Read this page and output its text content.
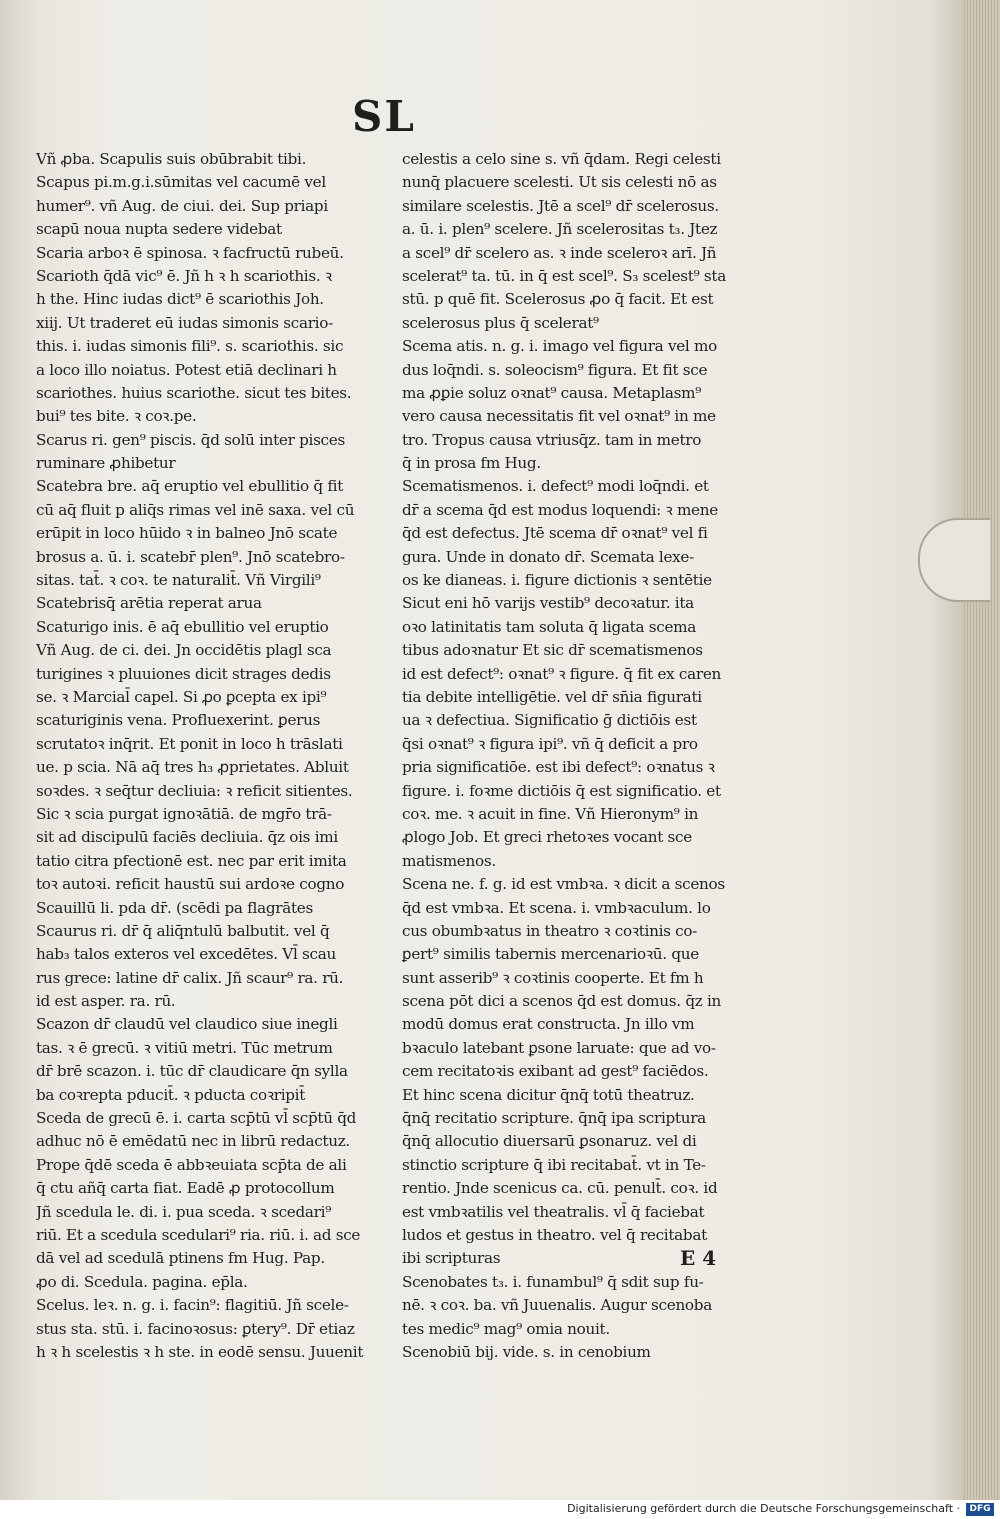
SL
Vñ ꝓba. Scapulis suis obūbrabit tibi.
Scapus pi.m.g.i.sūmitas vel cacumē vel
humer⁹. vñ Aug. de ciui. dei. Sup priapi
scapū noua nupta sedere videbat
Scaria arboꝛ ē spinosa. ꝛ facfructū rubeū.
Scarioth q̄dā vic⁹ ē. Jñ h ꝛ h scariothis. ꝛ
h the. Hinc iudas dict⁹ ē scariothis Joh.
xiij. Ut traderet eū iudas simonis scario-
this. i. iudas simonis fili⁹. s. scariothis. sic
a loco illo noiatus. Potest etiā declinari h
scariothes. huius scariothe. sicut tes bites.
bui⁹ tes bite. ꝛ coꝛ.pe.
Scarus ri. gen⁹ piscis. q̄d solū inter pisces
ruminare ꝓhibetur
Scatebra bre. aq̄ eruptio vel ebullitio q̄ fit
cū aq̄ fluit p aliq̄s rimas vel inē saxa. vel cū
erūpit in loco hūido ꝛ in balneo Jnō scate
brosus a. ū. i. scatebr̄ plen⁹. Jnō scatebro-
sitas. tat̄. ꝛ coꝛ. te naturalit̄. Vñ Virgili⁹
Scatebrisq̄ arētia reperat arua
Scaturigo inis. ē aq̄ ebullitio vel eruptio
Vñ Aug. de ci. dei. Jn occidētis plagl sca
turigines ꝛ pluuiones dicit strages dedis
se. ꝛ Marcial̄ capel. Si ꝓo ꝑcepta ex ipi⁹
scaturiginis vena. Profluexerint. ꝑerus
scrutatoꝛ inq̄rit. Et ponit in loco h trāslati
ue. p scia. Nā aq̄ tres h₃ ꝓprietates. Abluit
soꝛdes. ꝛ seq̄tur decliuia: ꝛ reficit sitientes.
Sic ꝛ scia purgat ignoꝛātiā. de mgr̄o trā-
sit ad discipulū faciēs decliuia. q̄z ois imi
tatio citra pfectionē est. nec par erit imita
toꝛ autoꝛi. reficit haustū sui ardoꝛe cogno
Scauillū li. pda dr̄. (scēdi pa flagrātes
Scaurus ri. dr̄ q̄ aliq̄ntulū balbutit. vel q̄
hab₃ talos exteros vel excedētes. Vl̄ scau
rus grece: latine dr̄ calix. Jñ scaur⁹ ra. rū.
id est asper. ra. rū.
Scazon dr̄ claudū vel claudico siue inegli
tas. ꝛ ē grecū. ꝛ vitiū metri. Tūc metrum
dr̄ brē scazon. i. tūc dr̄ claudicare q̄n sylla
ba coꝛrepta pducit̄. ꝛ pducta coꝛripit̄
Sceda de grecū ē. i. carta scp̄tū vl̄ scp̄tū q̄d
adhuc nō ē emēdatū nec in librū redactuz.
Prope q̄dē sceda ē abbꝛeuiata scp̄ta de ali
q̄ ctu añq̄ carta fiat. Eadē ꝓ protocollum
Jñ scedula le. di. i. pua sceda. ꝛ scedari⁹
riū. Et a scedula scedulari⁹ ria. riū. i. ad sce
dā vel ad scedulā ptinens fm Hug. Pap.
ꝓo di. Scedula. pagina. ep̄la.
Scelus. leꝛ. n. g. i. facin⁹: flagitiū. Jñ scele-
stus sta. stū. i. facinoꝛosus: ꝑtery⁹. Dr̄ etiaz
h ꝛ h scelestis ꝛ h ste. in eodē sensu. Juuenit
celestis a celo sine s. vñ q̄dam. Regi celesti
nunq̄ placuere scelesti. Ut sis celesti nō as
similare scelestis. Jtē a scel⁹ dr̄ scelerosus.
a. ū. i. plen⁹ scelere. Jñ scelerositas t₃. Jtez
a scel⁹ dr̄ scelero as. ꝛ inde sceleroꝛ arī. Jñ
scelerat⁹ ta. tū. in q̄ est scel⁹. S₃ scelest⁹ sta
stū. p quē fit. Scelerosus ꝓo q̄ facit. Et est
scelerosus plus q̄ scelerat⁹
Scema atis. n. g. i. imago vel figura vel mo
dus loq̄ndi. s. soleocism⁹ figura. Et fit sce
ma ꝓꝑie soluz oꝛnat⁹ causa. Metaplasm⁹
vero causa necessitatis fit vel oꝛnat⁹ in me
tro. Tropus causa vtriusq̄z. tam in metro
q̄ in prosa fm Hug.
Scematismenos. i. defect⁹ modi loq̄ndi. et
dr̄ a scema q̄d est modus loquendi: ꝛ mene
q̄d est defectus. Jtē scema dr̄ oꝛnat⁹ vel fi
gura. Unde in donato dr̄. Scemata lexe-
os ke dianeas. i. figure dictionis ꝛ sentētie
Sicut eni hō varijs vestib⁹ decoꝛatur. ita
oꝛo latinitatis tam soluta q̄ ligata scema
tibus adoꝛnatur Et sic dr̄ scematismenos
id est defect⁹: oꝛnat⁹ ꝛ figure. q̄ fit ex caren
tia debite intelligētie. vel dr̄ sn̄ia figurati
ua ꝛ defectiua. Significatio ḡ dictiōis est
q̄si oꝛnat⁹ ꝛ figura ipi⁹. vñ q̄ deficit a pro
pria significatiōe. est ibi defect⁹: oꝛnatus ꝛ
figure. i. foꝛme dictiōis q̄ est significatio. et
coꝛ. me. ꝛ acuit in fine. Vñ Hieronym⁹ in
ꝓlogo Job. Et greci rhetoꝛes vocant sce
matismenos.
Scena ne. f. g. id est vmbꝛa. ꝛ dicit a scenos
q̄d est vmbꝛa. Et scena. i. vmbꝛaculum. lo
cus obumbꝛatus in theatro ꝛ coꝛtinis co-
ꝑert⁹ similis tabernis mercenarioꝛū. que
sunt asserib⁹ ꝛ coꝛtinis cooperte. Et fm h
scena pōt dici a scenos q̄d est domus. q̄z in
modū domus erat constructa. Jn illo vm
bꝛaculo latebant ꝑsone laruate: que ad vo-
cem recitatoꝛis exibant ad gest⁹ faciēdos.
Et hinc scena dicitur q̄nq̄ totū theatruz.
q̄nq̄ recitatio scripture. q̄nq̄ ipa scriptura
q̄nq̄ allocutio diuersarū ꝑsonaruz. vel di
stinctio scripture q̄ ibi recitabat̄. vt in Te-
rentio. Jnde scenicus ca. cū. penult̄. coꝛ. id
est vmbꝛatilis vel theatralis. vl̄ q̄ faciebat
ludos et gestus in theatro. vel q̄ recitabat
ibi scripturas
Scenobates t₃. i. funambul⁹ q̄ sdit sup fu-
nē. ꝛ coꝛ. ba. vñ Juuenalis. Augur scenoba
tes medic⁹ mag⁹ omia nouit.
Scenobiū bij. vide. s. in cenobium
E 4
Digitalisierung gefördert durch die Deutsche Forschungsgemeinschaft ·	DFG
